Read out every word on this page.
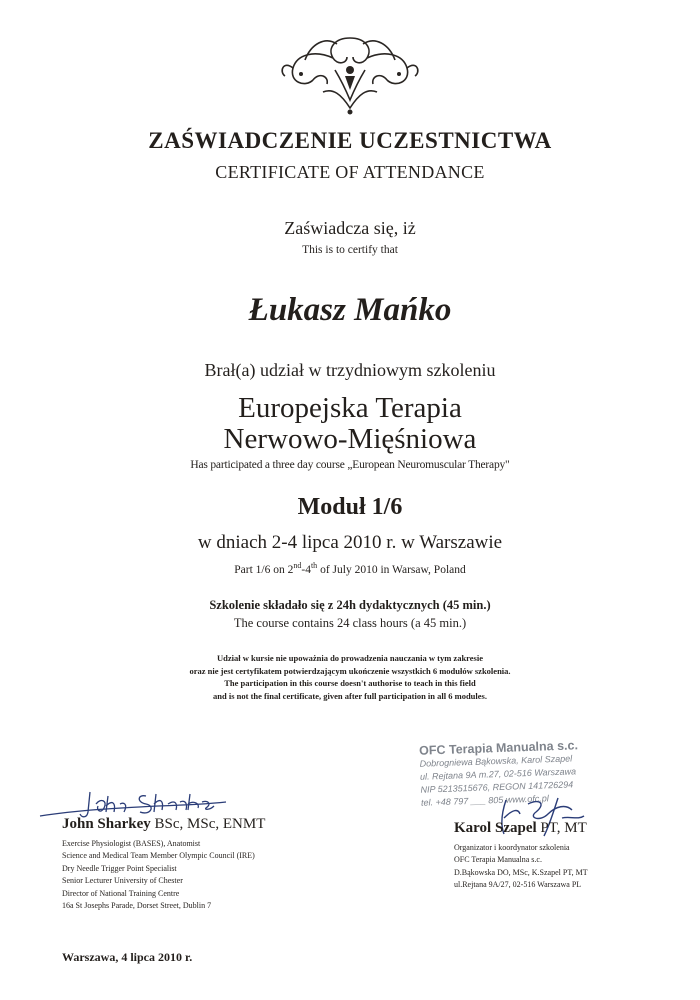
ZAŚWIADCZENIE UCZESTNICTWA
CERTIFICATE OF ATTENDANCE
Zaświadcza się, iż
This is to certify that
Łukasz Mańko
Brał(a) udział w trzydniowym szkoleniu
Europejska Terapia
Nerwowo-Mięśniowa
Has participated a three day course „European Neuromuscular Therapy"
Moduł 1/6
w dniach 2-4 lipca 2010 r. w Warszawie
Part 1/6 on 2nd-4th of July 2010 in Warsaw, Poland
Szkolenie składało się z 24h dydaktycznych (45 min.)
The course contains 24 class hours (a 45 min.)
Udział w kursie nie upoważnia do prowadzenia nauczania w tym zakresie
oraz nie jest certyfikatem potwierdzającym ukończenie wszystkich 6 modułów szkolenia.
The participation in this course doesn't authorise to teach in this field
and is not the final certificate, given after full participation in all 6 modules.
John Sharkey BSc, MSc, ENMT
Exercise Physiologist (BASES), Anatomist
Science and Medical Team Member Olympic Council (IRE)
Dry Needle Trigger Point Specialist
Senior Lecturer University of Chester
Director of National Training Centre
16a St Josephs Parade, Dorset Street, Dublin 7
OFC Terapia Manualna s.c.
Dobrogniewa Bąkowska, Karol Szapel
ul. Rejtana 9A m.27, 02-516 Warszawa
NIP 5213515676, REGON 141726294
tel. +48 797 ___ 805 www.ofc.pl
Karol Szapel PT, MT
Organizator i koordynator szkolenia
OFC Terapia Manualna s.c.
D.Bąkowska DO, MSc, K.Szapel PT, MT
ul.Rejtana 9A/27, 02-516 Warszawa PL
Warszawa, 4 lipca 2010 r.
